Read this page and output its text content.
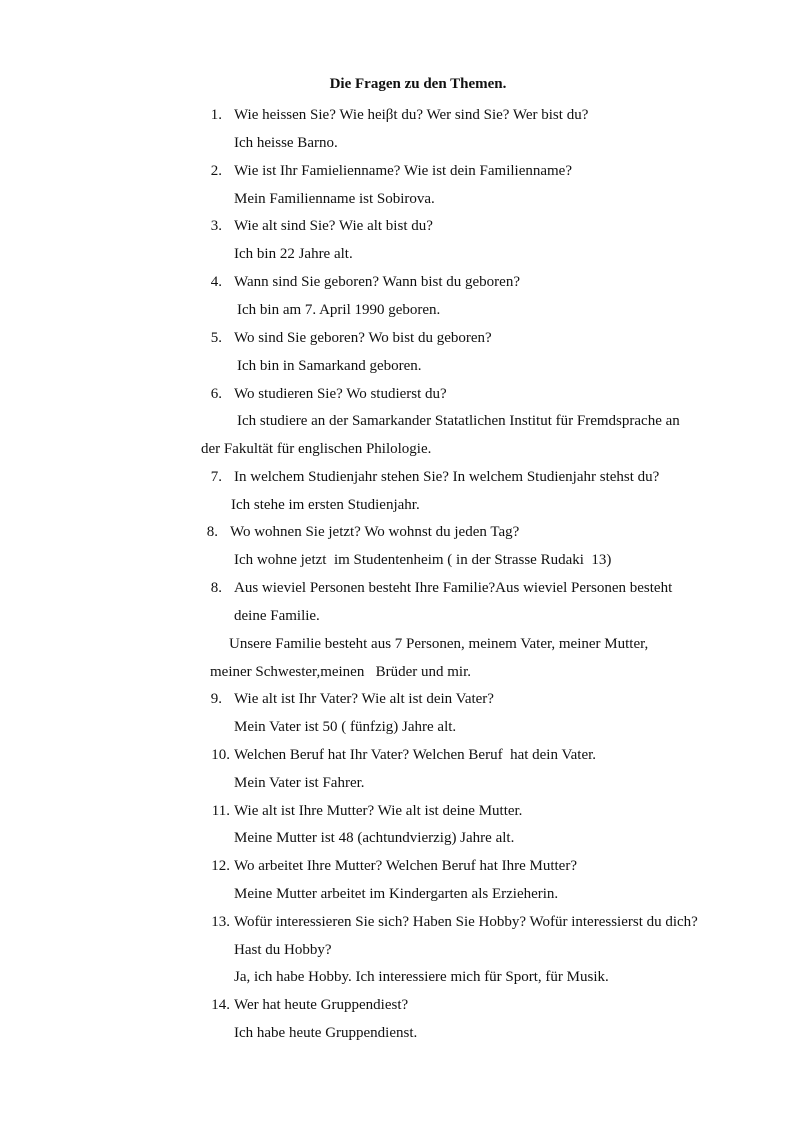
Die Fragen zu den Themen.
1. Wie heissen Sie? Wie heiβt du? Wer sind Sie? Wer bist du?
Ich heisse Barno.
2. Wie ist Ihr Famielienname? Wie ist dein Familienname?
Mein Familienname ist Sobirova.
3. Wie alt sind Sie? Wie alt bist du?
Ich bin 22 Jahre alt.
4. Wann sind Sie geboren? Wann bist du geboren?
Ich bin am 7. April 1990 geboren.
5. Wo sind Sie geboren? Wo bist du geboren?
Ich bin in Samarkand geboren.
6. Wo studieren Sie? Wo studierst du?
Ich studiere an der Samarkander Statatlichen Institut für Fremdsprache an
der Fakultät für englischen Philologie.
7. In welchem Studienjahr stehen Sie? In welchem Studienjahr stehst du?
Ich stehe im ersten Studienjahr.
8. Wo wohnen Sie jetzt? Wo wohnst du jeden Tag?
Ich wohne jetzt  im Studentenheim ( in der Strasse Rudaki  13)
8. Aus wieviel Personen besteht Ihre Familie?Aus wieviel Personen besteht
deine Familie.
Unsere Familie besteht aus 7 Personen, meinem Vater, meiner Mutter,
meiner Schwester,meinen   Brüder und mir.
9. Wie alt ist Ihr Vater? Wie alt ist dein Vater?
Mein Vater ist 50 ( fünfzig) Jahre alt.
10. Welchen Beruf hat Ihr Vater? Welchen Beruf  hat dein Vater.
Mein Vater ist Fahrer.
11. Wie alt ist Ihre Mutter? Wie alt ist deine Mutter.
Meine Mutter ist 48 (achtundvierzig) Jahre alt.
12. Wo arbeitet Ihre Mutter? Welchen Beruf hat Ihre Mutter?
Meine Mutter arbeitet im Kindergarten als Erzieherin.
13. Wofür interessieren Sie sich? Haben Sie Hobby? Wofür interessierst du dich?
Hast du Hobby?
Ja, ich habe Hobby. Ich interessiere mich für Sport, für Musik.
14. Wer hat heute Gruppendiest?
Ich habe heute Gruppendienst.
